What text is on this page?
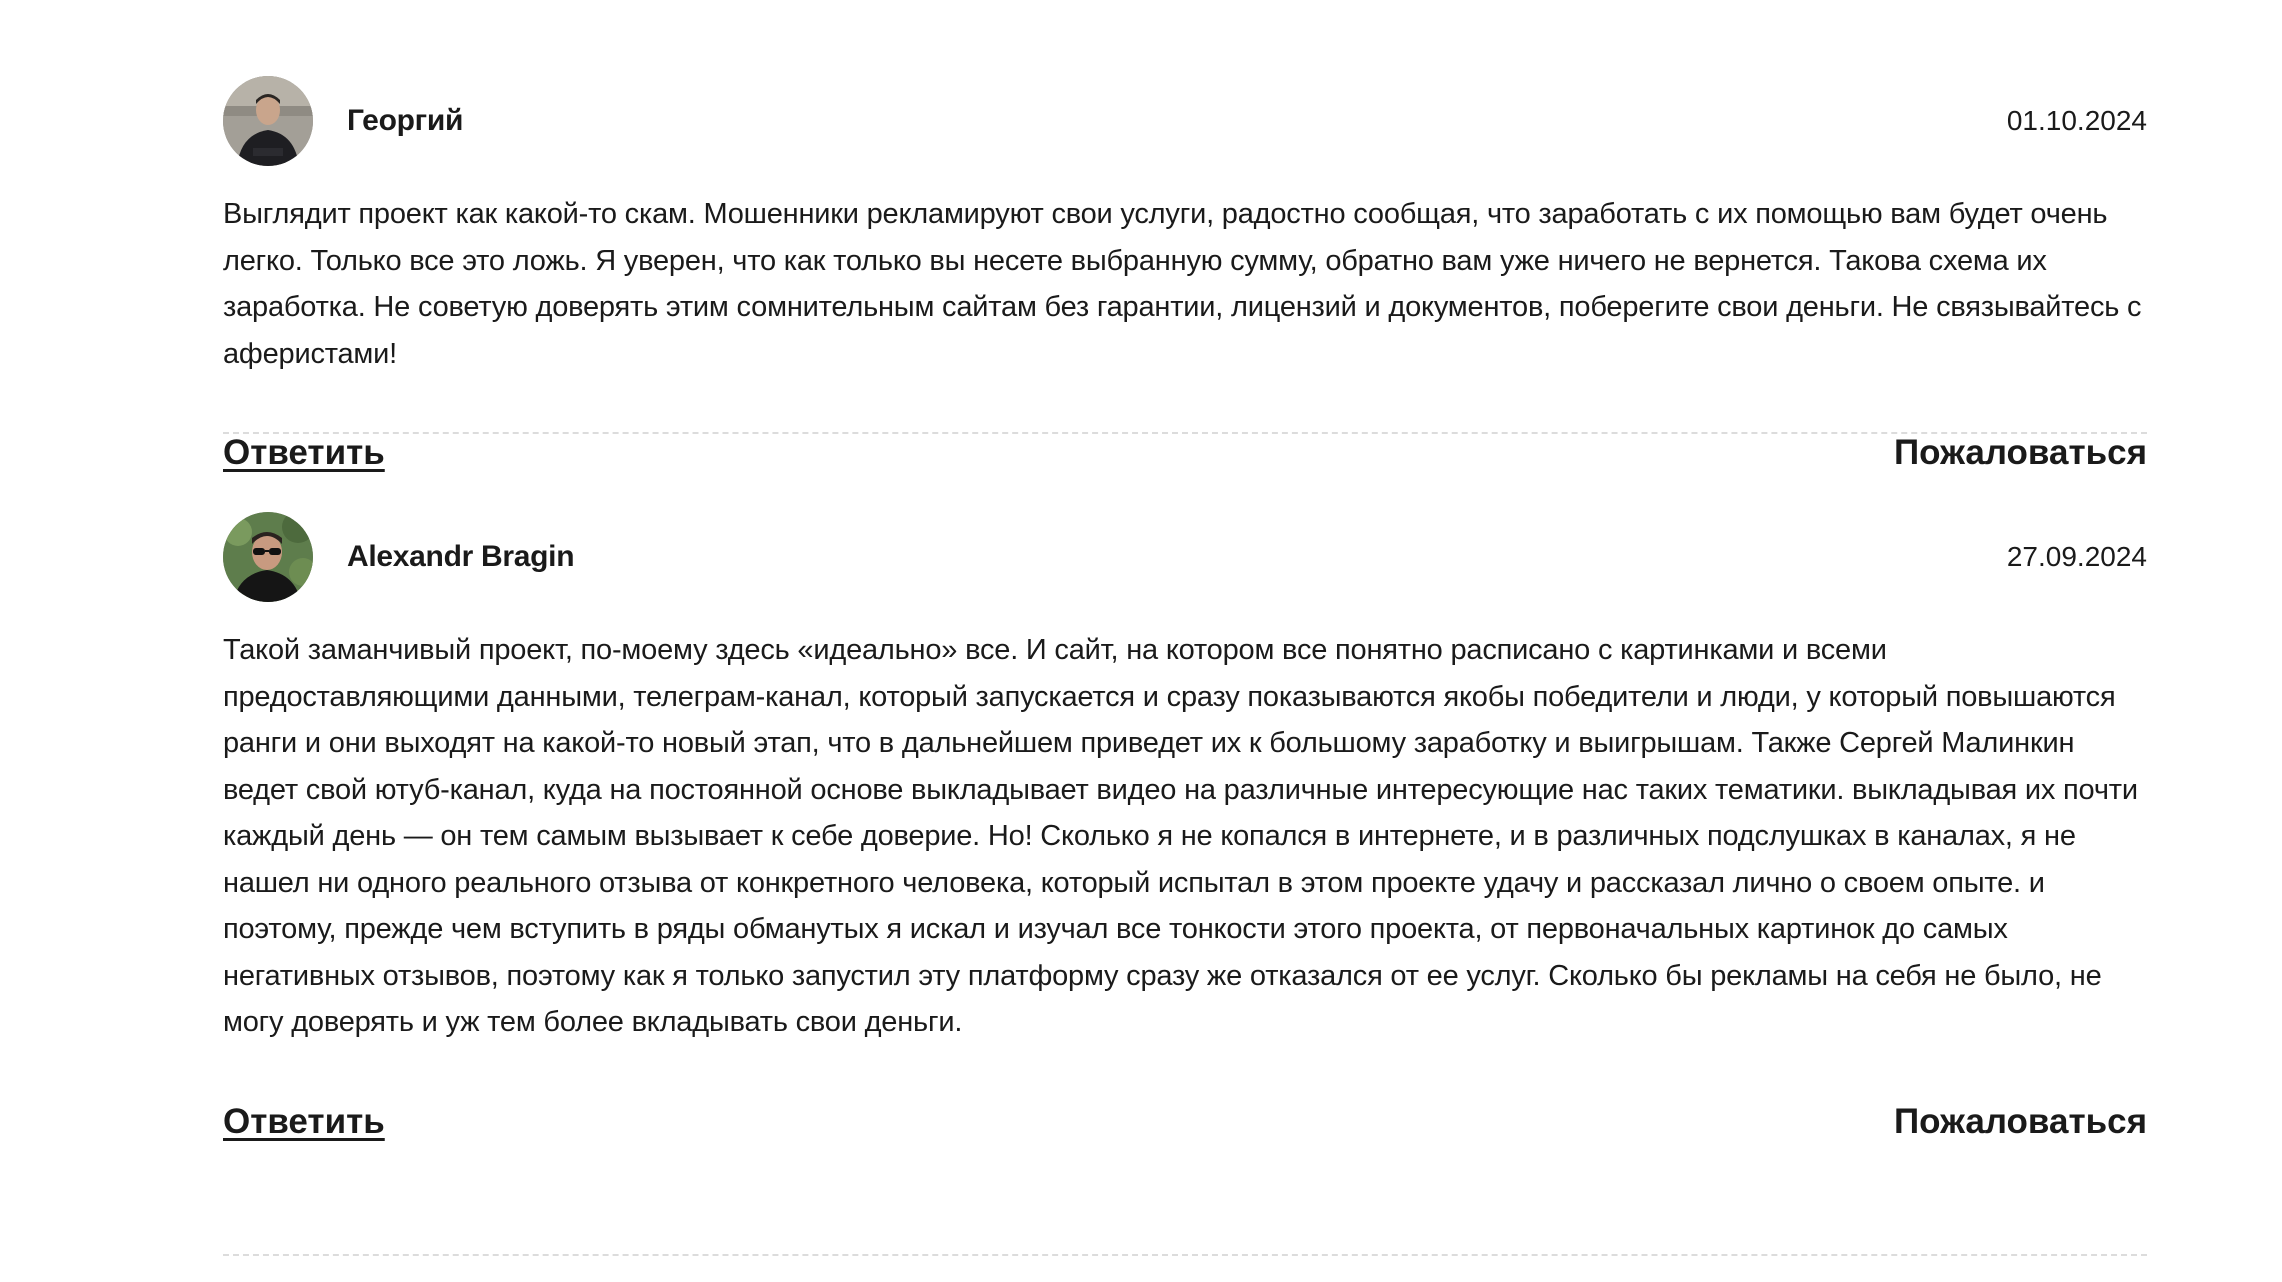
Георгий	01.10.2024
Выглядит проект как какой-то скам. Мошенники рекламируют свои услуги, радостно сообщая, что заработать с их помощью вам будет очень легко. Только все это ложь. Я уверен, что как только вы несете выбранную сумму, обратно вам уже ничего не вернется. Такова схема их заработка. Не советую доверять этим сомнительным сайтам без гарантии, лицензий и документов, поберегите свои деньги. Не связывайтесь с аферистами!
Ответить	Пожаловаться
Alexandr Bragin	27.09.2024
Такой заманчивый проект, по-моему здесь «идеально» все. И сайт, на котором все понятно расписано с картинками и всеми предоставляющими данными, телеграм-канал, который запускается и сразу показываются якобы победители и люди, у который повышаются ранги и они выходят на какой-то новый этап, что в дальнейшем приведет их к большому заработку и выигрышам. Также Сергей Малинкин ведет свой ютуб-канал, куда на постоянной основе выкладывает видео на различные интересующие нас таких тематики. выкладывая их почти каждый день — он тем самым вызывает к себе доверие. Но! Сколько я не копался в интернете, и в различных подслушках в каналах, я не нашел ни одного реального отзыва от конкретного человека, который испытал в этом проекте удачу и рассказал лично о своем опыте. и поэтому, прежде чем вступить в ряды обманутых я искал и изучал все тонкости этого проекта, от первоначальных картинок до самых негативных отзывов, поэтому как я только запустил эту платформу сразу же отказался от ее услуг. Сколько бы рекламы на себя не было, не могу доверять и уж тем более вкладывать свои деньги.
Ответить	Пожаловаться
